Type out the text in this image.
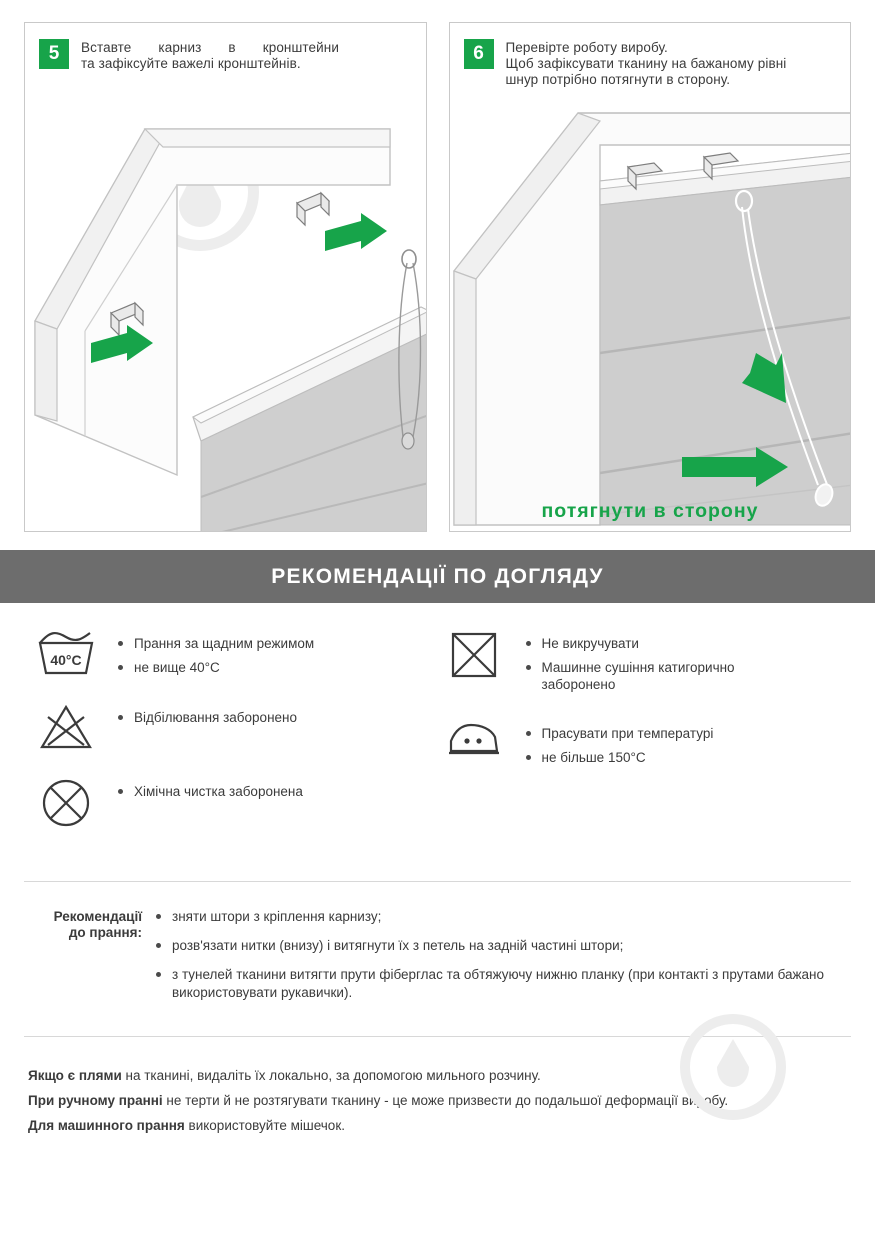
5	Вставте карниз в кронштейни
та зафіксуйте важелі кронштейнів.	6	Перевірте роботу виробу.
Щоб зафіксувати тканину на бажаному рівні
шнур потрібно потягнути в сторону.
потягнути в сторону
РЕКОМЕНДАЦІЇ ПО ДОГЛЯДУ
40°C
Прання за щадним режимом
не вище 40°С
Відбілювання заборонено
Хімічна чистка заборонена
Не викручувати
Машинне сушіння катигорично
заборонено
Прасувати при температурі
не більше 150°С
Рекомендації
до прання:
зняти штори з кріплення карнизу;
розв'язати нитки (внизу) і витягнути їх з петель на задній частині штори;
з тунелей тканини витягти прути фіберглас та обтяжуючу нижню планку (при контакті з прутами бажано використовувати рукавички).
Якщо є плями на тканині, видаліть їх локально, за допомогою мильного розчину.
При ручному пранні не терти й не розтягувати тканину - це може призвести до подальшої деформації виробу.
Для машинного прання використовуйте мішечок.
